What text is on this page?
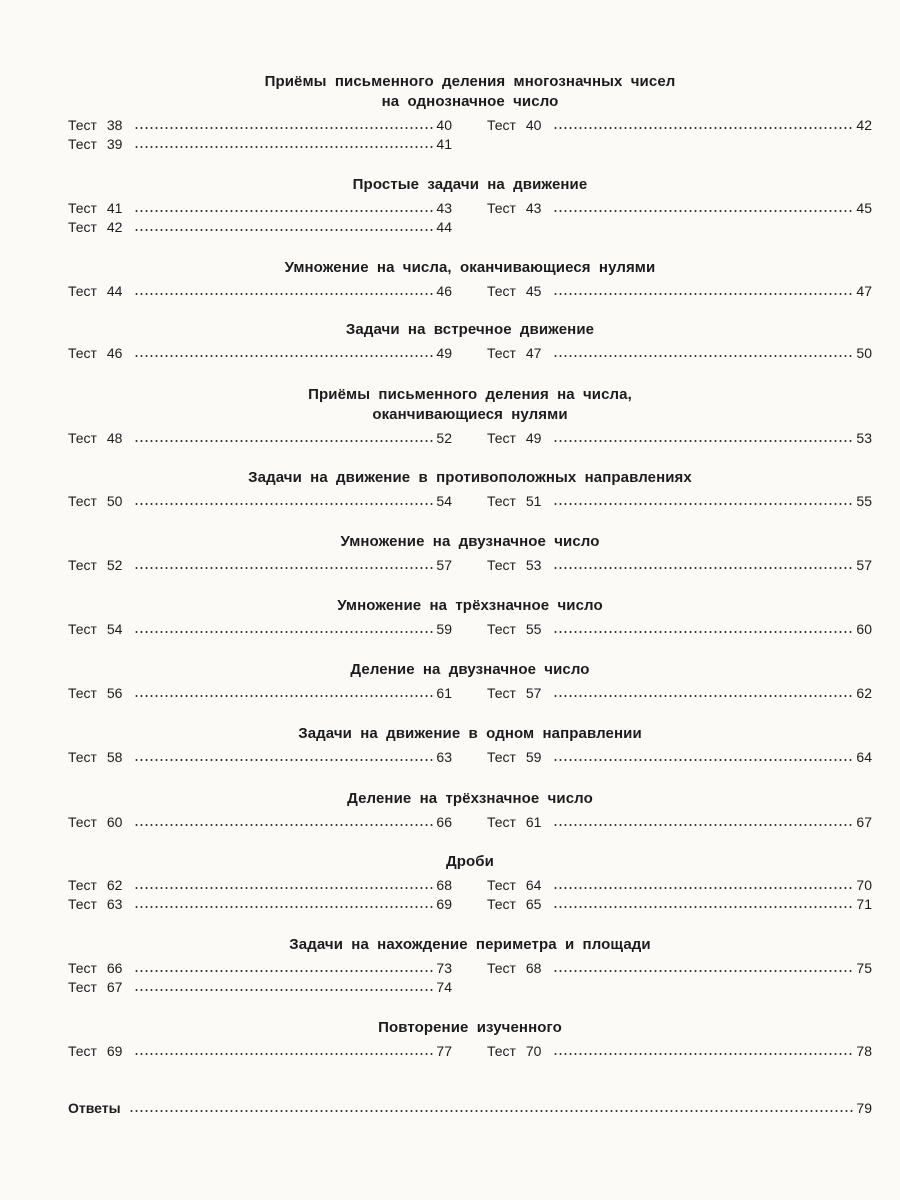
Приёмы письменного деления многозначных чисел
на однозначное число
Тест 38	40	Тест 40	42
Тест 39	41
Простые задачи на движение
Тест 41	43	Тест 43	45
Тест 42	44
Умножение на числа, оканчивающиеся нулями
Тест 44	46	Тест 45	47
Задачи на встречное движение
Тест 46	49	Тест 47	50
Приёмы письменного деления на числа,
оканчивающиеся нулями
Тест 48	52	Тест 49	53
Задачи на движение в противоположных направлениях
Тест 50	54	Тест 51	55
Умножение на двузначное число
Тест 52	57	Тест 53	57
Умножение на трёхзначное число
Тест 54	59	Тест 55	60
Деление на двузначное число
Тест 56	61	Тест 57	62
Задачи на движение в одном направлении
Тест 58	63	Тест 59	64
Деление на трёхзначное число
Тест 60	66	Тест 61	67
Дроби
Тест 62	68	Тест 64	70
Тест 63	69	Тест 65	71
Задачи на нахождение периметра и площади
Тест 66	73	Тест 68	75
Тест 67	74
Повторение изученного
Тест 69	77	Тест 70	78
Ответы	79
